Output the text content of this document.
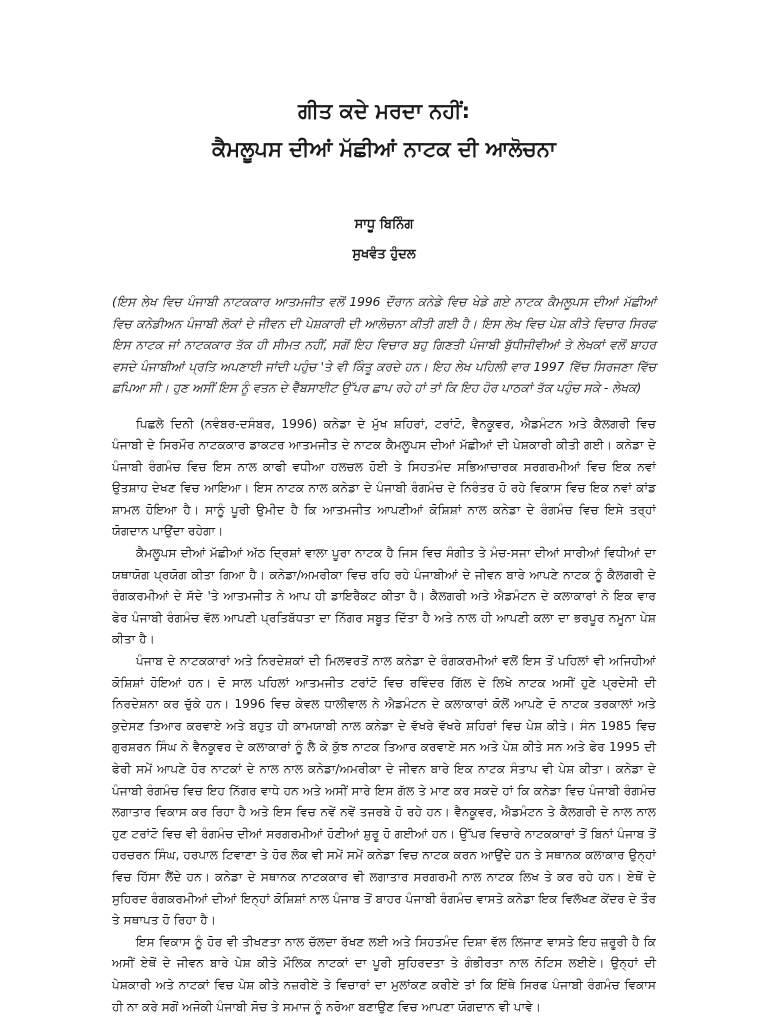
ਗੀਤ ਕਦੇ ਮਰਦਾ ਨਹੀਂ:

ਕੈਮਲੂਪਸ ਦੀਆਂ ਮੱਛੀਆਂ ਨਾਟਕ ਦੀ ਆਲੋਚਨਾ

ਸਾਧੂ ਬਿਨਿੰਗ

ਸੁਖਵੰਤ ਹੁੰਦਲ

(ਇਸ ਲੇਖ ਵਿਚ ਪੰਜਾਬੀ ਨਾਟਕਕਾਰ ਆਤਮਜੀਤ ਵਲੋਂ 1996 ਦੌਰਾਨ ਕਨੇਡੇ ਵਿਚ ਖੇਡੇ ਗਏ ਨਾਟਕ ਕੈਮਲੂਪਸ ਦੀਆਂ ਮੱਛੀਆਂ ਵਿਚ ਕਨੇਡੀਅਨ ਪੰਜਾਬੀ ਲੋਕਾਂ ਦੇ ਜੀਵਨ ਦੀ ਪੇਸ਼ਕਾਰੀ ਦੀ ਆਲੋਚਨਾ ਕੀਤੀ ਗਈ ਹੈ। ਇਸ ਲੇਖ ਵਿਚ ਪੇਸ਼ ਕੀਤੇ ਵਿਚਾਰ ਸਿਰਫ ਇਸ ਨਾਟਕ ਜਾਂ ਨਾਟਕਕਾਰ ਤੱਕ ਹੀ ਸੀਮਤ ਨਹੀਂ, ਸਗੋਂ ਇਹ ਵਿਚਾਰ ਬਹੁ ਗਿਣਤੀ ਪੰਜਾਬੀ ਬੁੱਧੀਜੀਵੀਆਂ ਤੇ ਲੇਖਕਾਂ ਵਲੋਂ ਬਾਹਰ ਵਸਦੇ ਪੰਜਾਬੀਆਂ ਪ੍ਰਤਿ ਅਪਣਾਈ ਜਾਂਦੀ ਪਹੁੰਚ 'ਤੇ ਵੀ ਕਿੰਤੂ ਕਰਦੇ ਹਨ। ਇਹ ਲੇਖ ਪਹਿਲੀ ਵਾਰ 1997 ਵਿੱਚ ਸਿਰਜਣਾ ਵਿੱਚ ਛਪਿਆ ਸੀ। ਹੁਣ ਅਸੀਂ ਇਸ ਨੂੰ ਵਤਨ ਦੇ ਵੈੱਬਸਾਈਟ ਉੱਪਰ ਛਾਪ ਰਹੇ ਹਾਂ ਤਾਂ ਕਿ ਇਹ ਹੋਰ ਪਾਠਕਾਂ ਤੱਕ ਪਹੁੰਚ ਸਕੇ - ਲੇਖਕ)

ਪਿਛਲੇ ਦਿਨੀ (ਨਵੰਬਰ-ਦਸੰਬਰ, 1996) ਕਨੇਡਾ ਦੇ ਮੁੱਖ ਸ਼ਹਿਰਾਂ, ਟਰਾਂਟੋ, ਵੈਨਕੂਵਰ, ਐਡਮੰਟਨ ਅਤੇ ਕੈਲਗਰੀ ਵਿਚ ਪੰਜਾਬੀ ਦੇ ਸਿਰਮੌਰ ਨਾਟਕਕਾਰ ਡਾਕਟਰ ਆਤਮਜੀਤ ਦੇ ਨਾਟਕ ਕੈਮਲੂਪਸ ਦੀਆਂ ਮੱਛੀਆਂ ਦੀ ਪੇਸ਼ਕਾਰੀ ਕੀਤੀ ਗਈ। ਕਨੇਡਾ ਦੇ ਪੰਜਾਬੀ ਰੰਗਮੰਚ ਵਿਚ ਇਸ ਨਾਲ ਕਾਫੀ ਵਧੀਆ ਹਲਚਲ ਹੋਈ ਤੇ ਸਿਹਤਮੰਦ ਸਭਿਆਚਾਰਕ ਸਰਗਰਮੀਆਂ ਵਿਚ ਇਕ ਨਵਾਂ ਉਤਸ਼ਾਹ ਦੇਖਣ ਵਿਚ ਆਇਆ। ਇਸ ਨਾਟਕ ਨਾਲ ਕਨੇਡਾ ਦੇ ਪੰਜਾਬੀ ਰੰਗਮੰਚ ਦੇ ਨਿਰੰਤਰ ਹੋ ਰਹੇ ਵਿਕਾਸ ਵਿਚ ਇਕ ਨਵਾਂ ਕਾਂਡ ਸ਼ਾਮਲ ਹੋਇਆ ਹੈ। ਸਾਨੂੰ ਪੂਰੀ ਉਮੀਦ ਹੈ ਕਿ ਆਤਮਜੀਤ ਆਪਣੀਆਂ ਕੋਸ਼ਿਸ਼ਾਂ ਨਾਲ ਕਨੇਡਾ ਦੇ ਰੰਗਮੰਚ ਵਿਚ ਇਸੇ ਤਰ੍ਹਾਂ ਯੋਗਦਾਨ ਪਾਉਂਦਾ ਰਹੇਗਾ।

ਕੈਮਲੂਪਸ ਦੀਆਂ ਮੱਛੀਆਂ ਅੱਠ ਦ੍ਰਿਸ਼ਾਂ ਵਾਲਾ ਪੂਰਾ ਨਾਟਕ ਹੈ ਜਿਸ ਵਿਚ ਸੰਗੀਤ ਤੇ ਮੰਚ-ਸਜਾ ਦੀਆਂ ਸਾਰੀਆਂ ਵਿਧੀਆਂ ਦਾ ਯਥਾਯੋਗ ਪ੍ਰਯੋਗ ਕੀਤਾ ਗਿਆ ਹੈ। ਕਨੇਡਾ/ਅਮਰੀਕਾ ਵਿਚ ਰਹਿ ਰਹੇ ਪੰਜਾਬੀਆਂ ਦੇ ਜੀਵਨ ਬਾਰੇ ਆਪਣੇ ਨਾਟਕ ਨੂੰ ਕੈਲਗਰੀ ਦੇ ਰੰਗਕਰਮੀਆਂ ਦੇ ਸੱਦੇ 'ਤੇ ਆਤਮਜੀਤ ਨੇ ਆਪ ਹੀ ਡਾਇਰੈਕਟ ਕੀਤਾ ਹੈ। ਕੈਲਗਰੀ ਅਤੇ ਐਡਮੰਟਨ ਦੇ ਕਲਾਕਾਰਾਂ ਨੇ ਇਕ ਵਾਰ ਫੇਰ ਪੰਜਾਬੀ ਰੰਗਮੰਚ ਵੱਲ ਆਪਣੀ ਪ੍ਰਤਿਬੱਧਤਾ ਦਾ ਨਿੱਗਰ ਸਬੂਤ ਦਿੱਤਾ ਹੈ ਅਤੇ ਨਾਲ ਹੀ ਆਪਣੀ ਕਲਾ ਦਾ ਭਰਪੂਰ ਨਮੂਨਾ ਪੇਸ਼ ਕੀਤਾ ਹੈ।

ਪੰਜਾਬ ਦੇ ਨਾਟਕਕਾਰਾਂ ਅਤੇ ਨਿਰਦੇਸ਼ਕਾਂ ਦੀ ਮਿਲਵਰਤੋਂ ਨਾਲ ਕਨੇਡਾ ਦੇ ਰੰਗਕਰਮੀਆਂ ਵਲੋਂ ਇਸ ਤੋਂ ਪਹਿਲਾਂ ਵੀ ਅਜਿਹੀਆਂ ਕੋਸ਼ਿਸ਼ਾਂ ਹੋਇਆਂ ਹਨ। ਦੋ ਸਾਲ ਪਹਿਲਾਂ ਆਤਮਜੀਤ ਟਰਾਂਟੋ ਵਿਚ ਰਵਿੰਦਰ ਗਿੱਲ ਦੇ ਲਿਖੇ ਨਾਟਕ ਅਸੀਂ ਹੁਣੇ ਪ੍ਰਦੇਸੀ ਦੀ ਨਿਰਦੇਸ਼ਨਾ ਕਰ ਚੁੱਕੇ ਹਨ। 1996 ਵਿਚ ਕੇਵਲ ਧਾਲੀਵਾਲ ਨੇ ਐਡਮੰਟਨ ਦੇ ਕਲਾਕਾਰਾਂ ਕੋਲੋਂ ਆਪਣੇ ਦੋ ਨਾਟਕ ਤਰਕਾਲਾਂ ਅਤੇ ਕੁਦੇਸਣ ਤਿਆਰ ਕਰਵਾਏ ਅਤੇ ਬਹੁਤ ਹੀ ਕਾਮਯਾਬੀ ਨਾਲ ਕਨੇਡਾ ਦੇ ਵੱਖਰੇ ਵੱਖਰੇ ਸ਼ਹਿਰਾਂ ਵਿਚ ਪੇਸ਼ ਕੀਤੇ। ਸੰਨ 1985 ਵਿਚ ਗੁਰਸ਼ਰਨ ਸਿੰਘ ਨੇ ਵੈਨਕੂਵਰ ਦੇ ਕਲਾਕਾਰਾਂ ਨੂੰ ਲੈ ਕੇ ਕੁੱਝ ਨਾਟਕ ਤਿਆਰ ਕਰਵਾਏ ਸਨ ਅਤੇ ਪੇਸ਼ ਕੀਤੇ ਸਨ ਅਤੇ ਫੇਰ 1995 ਦੀ ਫੇਰੀ ਸਮੇਂ ਆਪਣੇ ਹੋਰ ਨਾਟਕਾਂ ਦੇ ਨਾਲ ਨਾਲ ਕਨੇਡਾ/ਅਮਰੀਕਾ ਦੇ ਜੀਵਨ ਬਾਰੇ ਇਕ ਨਾਟਕ ਸੰਤਾਪ ਵੀ ਪੇਸ਼ ਕੀਤਾ। ਕਨੇਡਾ ਦੇ ਪੰਜਾਬੀ ਰੰਗਮੰਚ ਵਿਚ ਇਹ ਨਿੱਗਰ ਵਾਧੇ ਹਨ ਅਤੇ ਅਸੀਂ ਸਾਰੇ ਇਸ ਗੱਲ ਤੇ ਮਾਣ ਕਰ ਸਕਦੇ ਹਾਂ ਕਿ ਕਨੇਡਾ ਵਿਚ ਪੰਜਾਬੀ ਰੰਗਮੰਚ ਲਗਾਤਾਰ ਵਿਕਾਸ ਕਰ ਰਿਹਾ ਹੈ ਅਤੇ ਇਸ ਵਿਚ ਨਵੇਂ ਨਵੇਂ ਤਜਰਬੇ ਹੋ ਰਹੇ ਹਨ। ਵੈਨਕੂਵਰ, ਐਡਮੰਟਨ ਤੇ ਕੈਲਗਰੀ ਦੇ ਨਾਲ ਨਾਲ ਹੁਣ ਟਰਾਂਟੋ ਵਿਚ ਵੀ ਰੰਗਮੰਚ ਦੀਆਂ ਸਰਗਰਮੀਆਂ ਹੋਣੀਆਂ ਸ਼ੁਰੂ ਹੋ ਗਈਆਂ ਹਨ। ਉੱਪਰ ਵਿਚਾਰੇ ਨਾਟਕਕਾਰਾਂ ਤੋਂ ਬਿਨਾਂ ਪੰਜਾਬ ਤੋਂ ਹਰਚਰਨ ਸਿੰਘ, ਹਰਪਾਲ ਟਿਵਾਣਾ ਤੇ ਹੋਰ ਲੋਕ ਵੀ ਸਮੇਂ ਸਮੇਂ ਕਨੇਡਾ ਵਿਚ ਨਾਟਕ ਕਰਨ ਆਉਂਦੇ ਹਨ ਤੇ ਸਥਾਨਕ ਕਲਾਕਾਰ ਉਨ੍ਹਾਂ ਵਿਚ ਹਿੱਸਾ ਲੈਂਦੇ ਹਨ। ਕਨੇਡਾ ਦੇ ਸਥਾਨਕ ਨਾਟਕਕਾਰ ਵੀ ਲਗਾਤਾਰ ਸਰਗਰਮੀ ਨਾਲ ਨਾਟਕ ਲਿਖ ਤੇ ਕਰ ਰਹੇ ਹਨ। ਏਥੋਂ ਦੇ ਸੁਹਿਰਦ ਰੰਗਕਰਮੀਆਂ ਦੀਆਂ ਇਨ੍ਹਾਂ ਕੋਸ਼ਿਸ਼ਾਂ ਨਾਲ ਪੰਜਾਬ ਤੋਂ ਬਾਹਰ ਪੰਜਾਬੀ ਰੰਗਮੰਚ ਵਾਸਤੇ ਕਨੇਡਾ ਇਕ ਵਿਲੱਖਣ ਕੇਂਦਰ ਦੇ ਤੌਰ ਤੇ ਸਥਾਪਤ ਹੋ ਰਿਹਾ ਹੈ।

ਇਸ ਵਿਕਾਸ ਨੂੰ ਹੋਰ ਵੀ ਤੀਖਣਤਾ ਨਾਲ ਚੱਲਦਾ ਰੱਖਣ ਲਈ ਅਤੇ ਸਿਹਤਮੰਦ ਦਿਸ਼ਾ ਵੱਲ ਲਿਜਾਣ ਵਾਸਤੇ ਇਹ ਜ਼ਰੂਰੀ ਹੈ ਕਿ ਅਸੀਂ ਏਥੋਂ ਦੇ ਜੀਵਨ ਬਾਰੇ ਪੇਸ਼ ਕੀਤੇ ਮੌਲਿਕ ਨਾਟਕਾਂ ਦਾ ਪੂਰੀ ਸੁਹਿਰਦਤਾ ਤੇ ਗੰਭੀਰਤਾ ਨਾਲ ਨੋਟਿਸ ਲਈਏ। ਉਨ੍ਹਾਂ ਦੀ ਪੇਸ਼ਕਾਰੀ ਅਤੇ ਨਾਟਕਾਂ ਵਿਚ ਪੇਸ਼ ਕੀਤੇ ਨਜ਼ਰੀਏ ਤੇ ਵਿਚਾਰਾਂ ਦਾ ਮੁਲਾਂਕਣ ਕਰੀਏ ਤਾਂ ਕਿ ਇੱਥੇ ਸਿਰਫ ਪੰਜਾਬੀ ਰੰਗਮੰਚ ਵਿਕਾਸ ਹੀ ਨਾ ਕਰੇ ਸਗੋਂ ਅਜੋਕੀ ਪੰਜਾਬੀ ਸੋਚ ਤੇ ਸਮਾਜ ਨੂੰ ਨਰੋਆ ਬਣਾਉਣ ਵਿਚ ਆਪਣਾ ਯੋਗਦਾਨ ਵੀ ਪਾਵੇ।
